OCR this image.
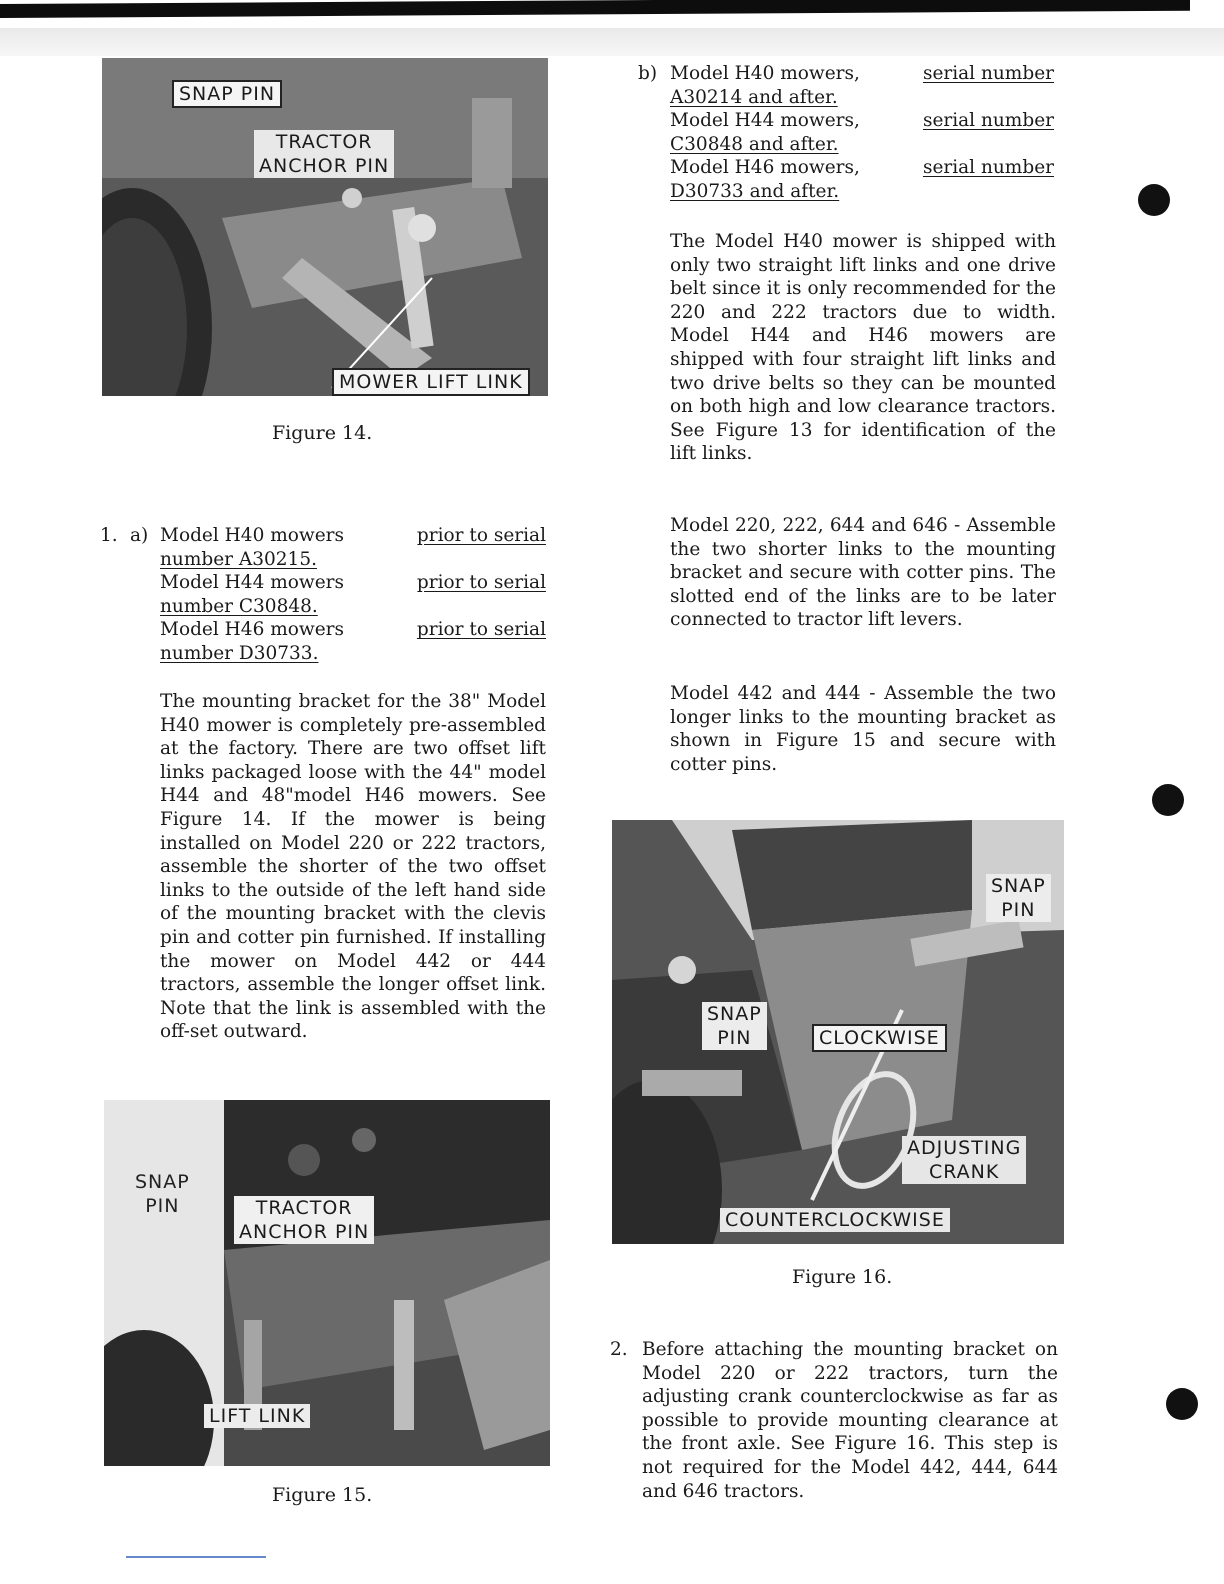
SNAP PIN
TRACTOR
ANCHOR PIN
MOWER LIFT LINK
Figure 14.
1. a) Model H40 mowers	prior to serial
number A30215.
Model H44 mowers	prior to serial
number C30848.
Model H46 mowers	prior to serial
number D30733.

The mounting bracket for the 38" Model H40 mower is completely pre-assembled at the factory. There are two offset lift links packaged loose with the 44" model H44 and 48"model H46 mowers. See Figure 14. If the mower is being installed on Model 220 or 222 tractors, assemble the shorter of the two offset links to the outside of the left hand side of the mounting bracket with the clevis pin and cotter pin furnished. If installing the mower on Model 442 or 444 tractors, assemble the longer offset link. Note that the link is assembled with the off-set outward.

SNAP
PIN	TRACTOR
ANCHOR PIN
LIFT LINK
Figure 15.
b) Model H40 mowers,	serial number
A30214 and after.
Model H44 mowers,	serial number
C30848 and after.
Model H46 mowers,	serial number
D30733 and after.

The Model H40 mower is shipped with only two straight lift links and one drive belt since it is only recommended for the 220 and 222 tractors due to width. Model H44 and H46 mowers are shipped with four straight lift links and two drive belts so they can be mounted on both high and low clearance tractors. See Figure 13 for identification of the lift links.

Model 220, 222, 644 and 646 - Assemble the two shorter links to the mounting bracket and secure with cotter pins. The slotted end of the links are to be later connected to tractor lift levers.

Model 442 and 444 - Assemble the two longer links to the mounting bracket as shown in Figure 15 and secure with cotter pins.

SNAP
PIN
SNAP
PIN	CLOCKWISE
ADJUSTING
CRANK
COUNTERCLOCKWISE
Figure 16.
2. Before attaching the mounting bracket on Model 220 or 222 tractors, turn the adjusting crank counterclockwise as far as possible to provide mounting clearance at the front axle. See Figure 16. This step is not required for the Model 442, 444, 644 and 646 tractors.
